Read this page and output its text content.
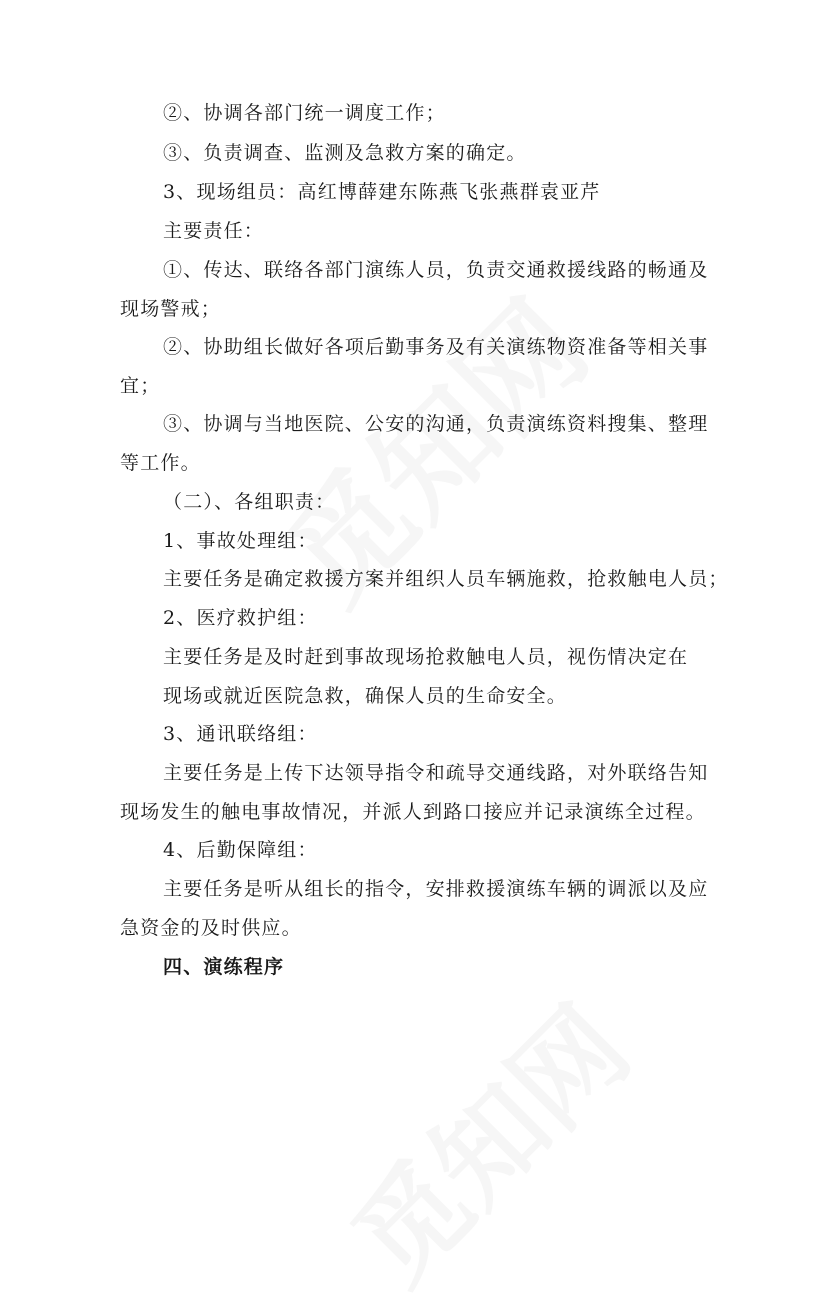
②、协调各部门统一调度工作；
③、负责调查、监测及急救方案的确定。
3、现场组员：高红博薛建东陈燕飞张燕群袁亚芹
主要责任：
①、传达、联络各部门演练人员，负责交通救援线路的畅通及
现场警戒；
②、协助组长做好各项后勤事务及有关演练物资准备等相关事
宜；
③、协调与当地医院、公安的沟通，负责演练资料搜集、整理
等工作。
（二）、各组职责：
1、事故处理组：
主要任务是确定救援方案并组织人员车辆施救，抢救触电人员；
2、医疗救护组：
主要任务是及时赶到事故现场抢救触电人员，视伤情决定在
现场或就近医院急救，确保人员的生命安全。
3、通讯联络组：
主要任务是上传下达领导指令和疏导交通线路，对外联络告知
现场发生的触电事故情况，并派人到路口接应并记录演练全过程。
4、后勤保障组：
主要任务是听从组长的指令，安排救援演练车辆的调派以及应
急资金的及时供应。
四、演练程序
